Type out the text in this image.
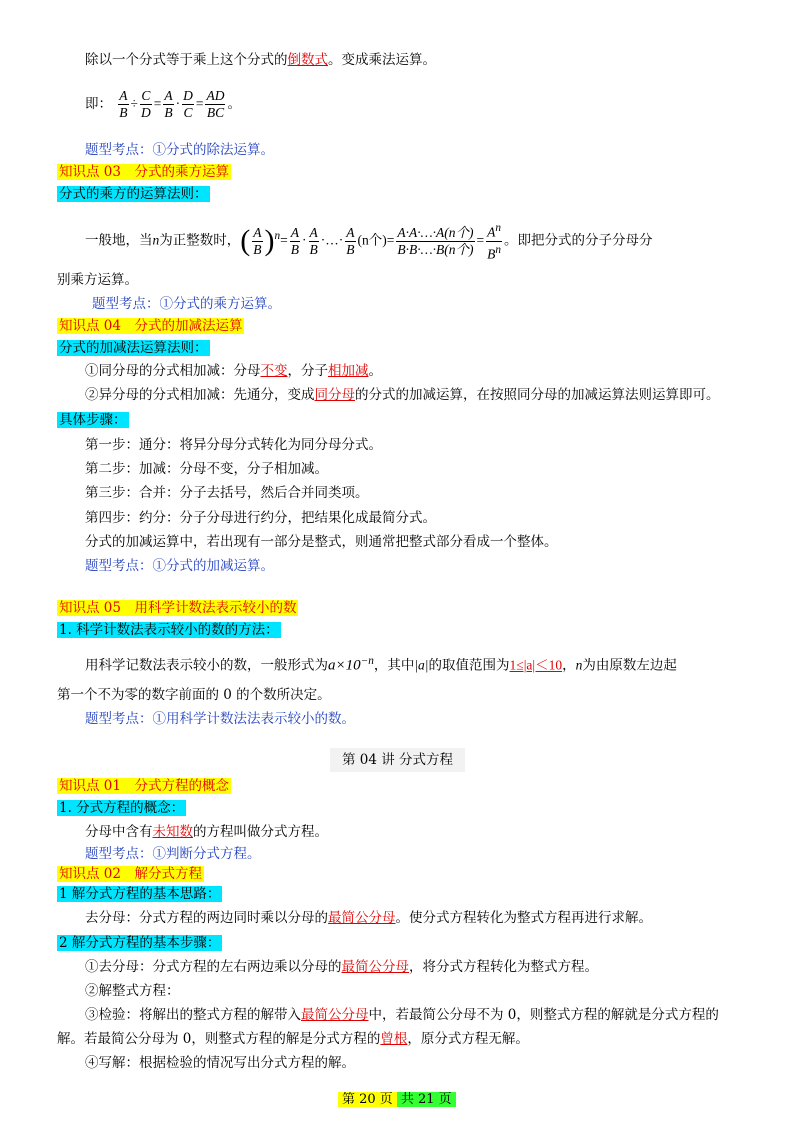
除以一个分式等于乘上这个分式的倒数式。变成乘法运算。
即： $\frac{A}{B} \div \frac{C}{D} = \frac{A}{B} \cdot \frac{D}{C} = \frac{AD}{BC}$ 。
题型考点：①分式的除法运算。
知识点 03　分式的乘方运算
分式的乘方的运算法则：
一般地，当n为正整数时，( $\frac{A}{B} )^n= \frac{A}{B} \cdot \frac{A}{B}$ ·…· $\frac{A}{B} (n$个)= $\frac{\text{A·A·…·A(n个)}}{\text{B·B·…·B(n个)}} = \frac{A^n}{B^n}$ 。即把分式的分子分母分
别乘方运算。
题型考点：①分式的乘方运算。
知识点 04　分式的加减法运算
分式的加减法运算法则：
①同分母的分式相加减：分母不变，分子相加减。
②异分母的分式相加减：先通分，变成同分母的分式的加减运算，在按照同分母的加减运算法则运算即可。
具体步骤：
第一步：通分：将异分母分式转化为同分母分式。
第二步：加减：分母不变，分子相加减。
第三步：合并：分子去括号，然后合并同类项。
第四步：约分：分子分母进行约分，把结果化成最简分式。
分式的加减运算中，若出现有一部分是整式，则通常把整式部分看成一个整体。
题型考点：①分式的加减运算。
知识点 05　用科学计数法表示较小的数
1. 科学计数法表示较小的数的方法：
用科学记数法表示较小的数，一般形式为$a\times 10^{-n}$，其中|a|的取值范围为1≤|a|＜10，n为由原数左边起
第一个不为零的数字前面的 0 的个数所决定。
题型考点：①用科学计数法法表示较小的数。
第 04 讲 分式方程
知识点 01　分式方程的概念
1. 分式方程的概念：
分母中含有未知数的方程叫做分式方程。
题型考点：①判断分式方程。
知识点 02　解分式方程
1 解分式方程的基本思路：
去分母：分式方程的两边同时乘以分母的最简公分母。使分式方程转化为整式方程再进行求解。
2 解分式方程的基本步骤：
①去分母：分式方程的左右两边乘以分母的最简公分母，将分式方程转化为整式方程。
②解整式方程：
③检验：将解出的整式方程的解带入最简公分母中，若最简公分母不为 0，则整式方程的解就是分式方程的
解。若最简公分母为 0，则整式方程的解是分式方程的曾根，原分式方程无解。
④写解：根据检验的情况写出分式方程的解。
第 20 页 共 21 页
